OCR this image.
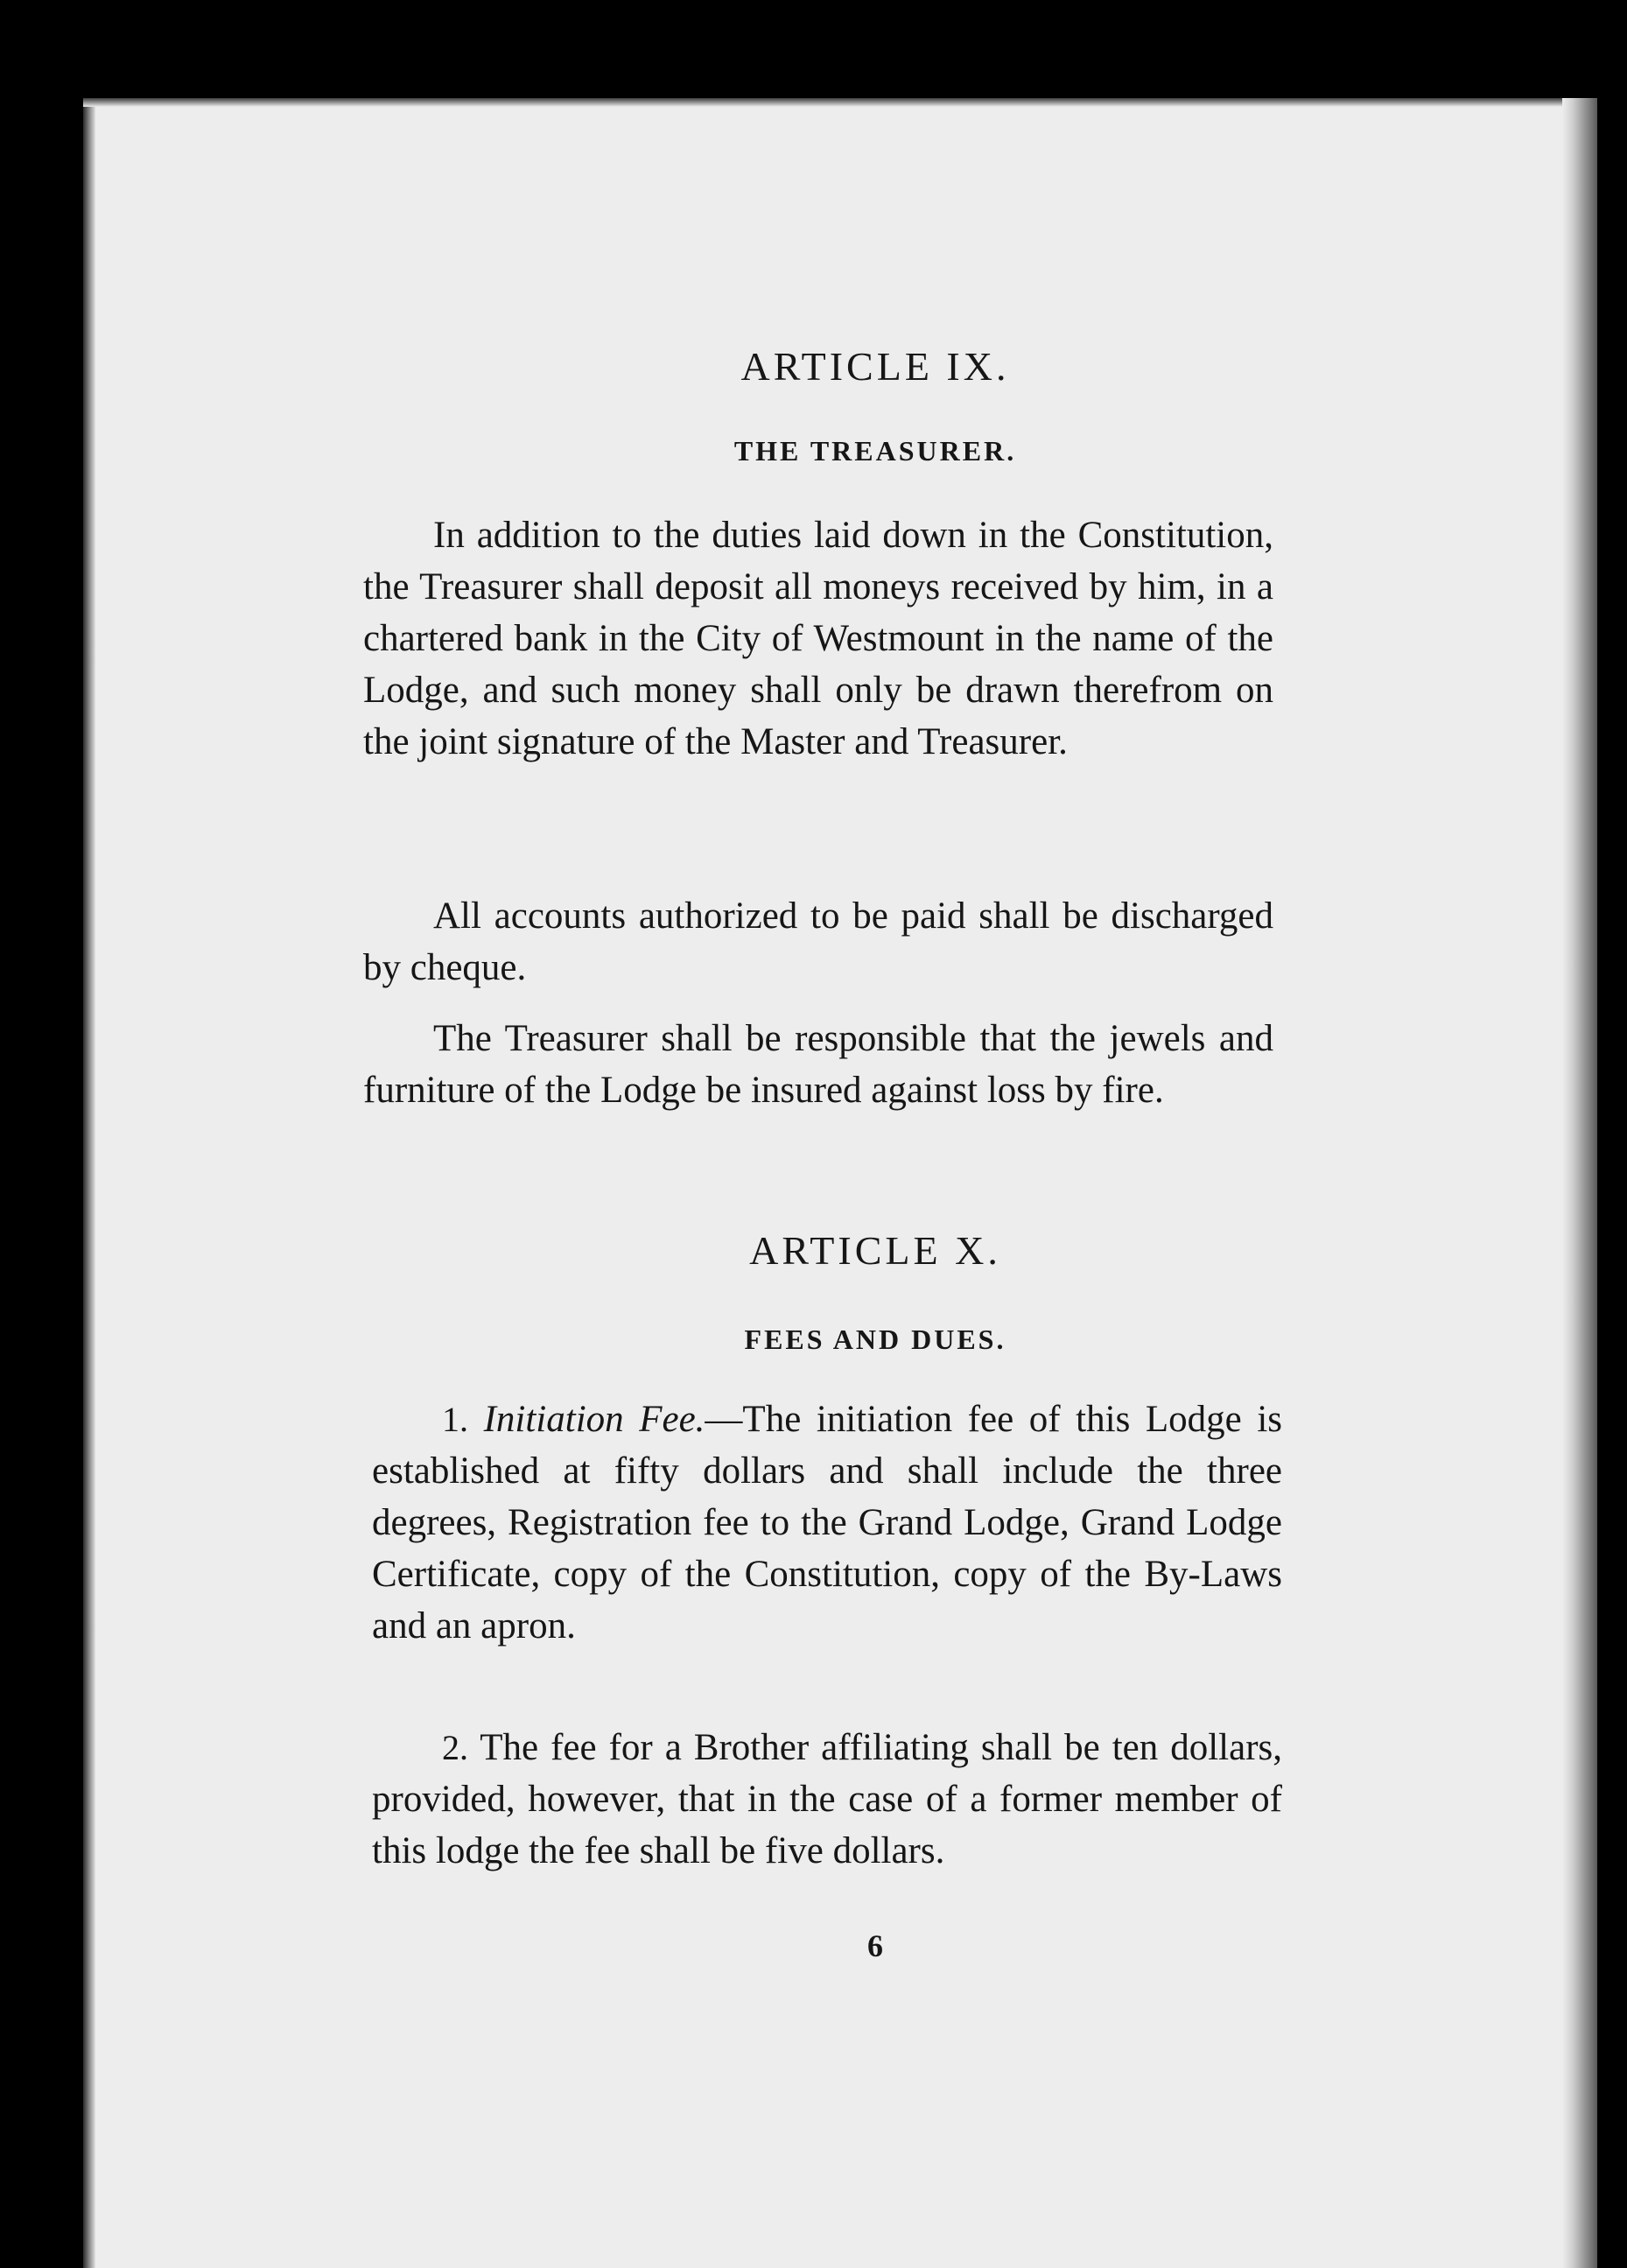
ARTICLE IX.
THE TREASURER.

In addition to the duties laid down in the Constitution, the Treasurer shall deposit all moneys received by him, in a chartered bank in the City of Westmount in the name of the Lodge, and such money shall only be drawn therefrom on the joint signature of the Master and Treasurer.

All accounts authorized to be paid shall be discharged by cheque.

The Treasurer shall be responsible that the jewels and furniture of the Lodge be insured against loss by fire.

ARTICLE X.
FEES AND DUES.

1. Initiation Fee.—The initiation fee of this Lodge is established at fifty dollars and shall include the three degrees, Registration fee to the Grand Lodge, Grand Lodge Certificate, copy of the Constitution, copy of the By-Laws and an apron.

2. The fee for a Brother affiliating shall be ten dollars, provided, however, that in the case of a former member of this lodge the fee shall be five dollars.

6
